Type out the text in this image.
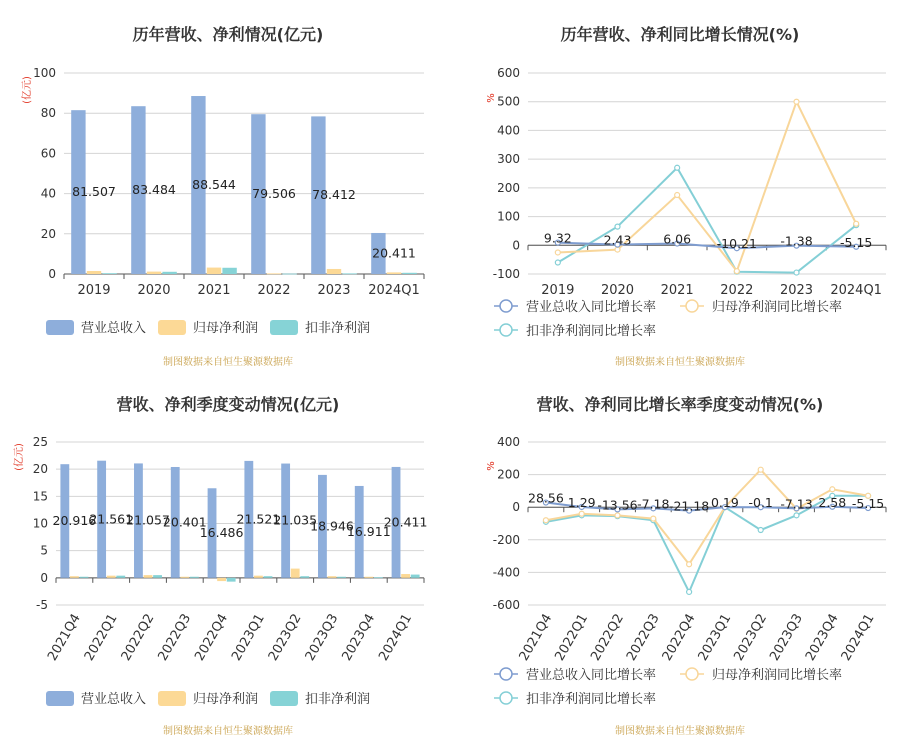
历年营收、净利情况(亿元)
(亿元)
0
20
40
60
80
100
2019 2020 2021 2022 2023 2024Q1
81.507 83.484 88.544
79.506 78.412
20.411
营业总收入	归母净利润	扣非净利润
制图数据来自恒生聚源数据库
历年营收、净利同比增长情况(%)
%
-100
0
100
200
300
400
500
600
2019 2020 2021 2022 2023 2024Q1
9.32	2.43	6.06 -10.21 -1.38 -5.15
营业总收入同比增长率	归母净利润同比增长率
扣非净利润同比增长率
制图数据来自恒生聚源数据库
营收、净利季度变动情况(亿元)
(亿元)
-5
0
5
10
15
20
25
2021Q4
2022Q1
2022Q2
2022Q3
2022Q4
2023Q1
2023Q2
2023Q3
2023Q4
2024Q1
20.916
21.561
21.057
20.401
16.486
21.521
21.035
18.946
16.911
20.411
营业总收入	归母净利润	扣非净利润
制图数据来自恒生聚源数据库
营收、净利同比增长率季度变动情况(%)
%
-600
-400
-200
0
200
400
2021Q4
2022Q1
2022Q2
2022Q3
2022Q4
2023Q1
2023Q2
2023Q3
2023Q4
2024Q1
28.56 1.29 -13.56 -7.18 -21.18 0.19 -0.1 -7.13 2.58 -5.15
营业总收入同比增长率	归母净利润同比增长率
扣非净利润同比增长率
制图数据来自恒生聚源数据库
